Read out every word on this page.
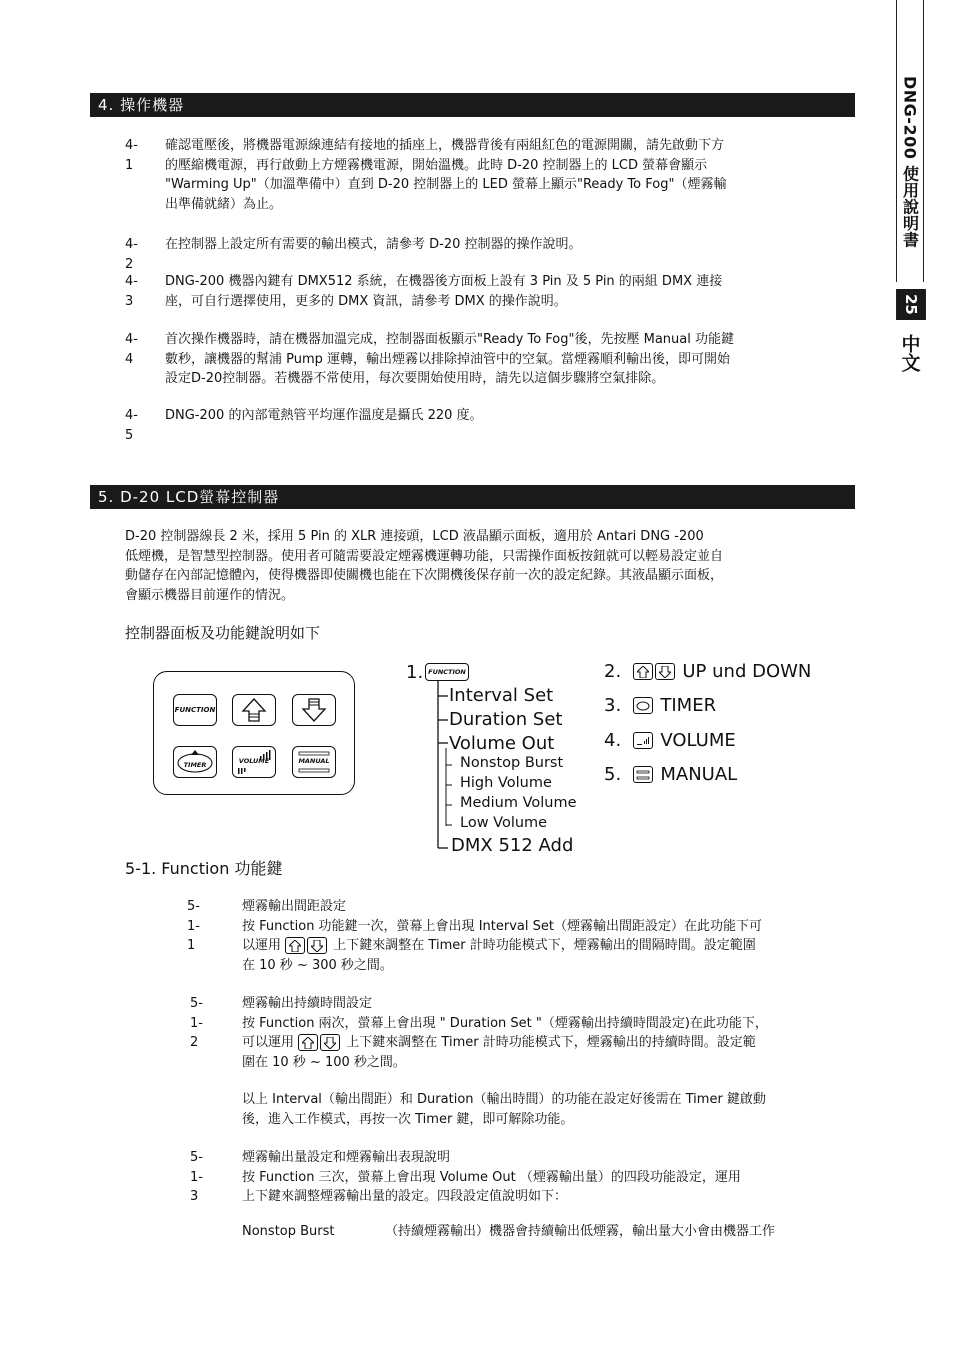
DNG-200 使用說明書
25
中文
4. 操作機器
4-1
確認電壓後，將機器電源線連結有接地的插座上，機器背後有兩組紅色的電源開關，請先啟動下方
的壓縮機電源，再行啟動上方煙霧機電源，開始溫機。此時 D-20 控制器上的 LCD 螢幕會顯示
"Warming Up"（加溫準備中）直到 D-20 控制器上的 LED 螢幕上顯示"Ready To Fog"（煙霧輸
出準備就緒）為止。
4-2
在控制器上設定所有需要的輸出模式，請參考 D-20 控制器的操作說明。
4-3
DNG-200 機器內鍵有 DMX512 系統，在機器後方面板上設有 3 Pin 及 5 Pin 的兩組 DMX 連接
座，可自行選擇使用，更多的 DMX 資訊，請參考 DMX 的操作說明。
4-4
首次操作機器時，請在機器加溫完成，控制器面板顯示"Ready To Fog"後，先按壓 Manual 功能鍵
數秒，讓機器的幫浦 Pump 運轉，輸出煙霧以排除掉油管中的空氣。當煙霧順利輸出後，即可開始
設定D-20控制器。若機器不常使用，每次要開始使用時，請先以這個步驟將空氣排除。
4-5
DNG-200 的內部電熱管平均運作溫度是攝氏 220 度。
5. D-20 LCD螢幕控制器
D-20 控制器線長 2 米，採用 5 Pin 的 XLR 連接頭，LCD 液晶顯示面板，適用於 Antari DNG -200
低煙機，是智慧型控制器。使用者可隨需要設定煙霧機運轉功能，只需操作面板按鈕就可以輕易設定並自
動儲存在內部記憶體內，使得機器即使關機也能在下次開機後保存前一次的設定紀錄。其液晶顯示面板，
會顯示機器目前運作的情況。
控制器面板及功能鍵說明如下
FUNCTION
TIMER	VOLUME	MANUAL
1. FUNCTION
Interval Set
Duration Set
Volume Out
Nonstop Burst
High Volume
Medium Volume
Low Volume
DMX 512 Add
2.

	UP und DOWN
3.

TIMER
4.

VOLUME
5.

MANUAL
5-1. Function 功能鍵
5-1-1
煙霧輸出間距設定
按 Function 功能鍵一次，螢幕上會出現 Interval Set（煙霧輸出間距設定）在此功能下可
以運用	上下鍵來調整在 Timer 計時功能模式下，煙霧輸出的間隔時間。設定範圍
在 10 秒 ~ 300 秒之間。
5-1-2
煙霧輸出持續時間設定
按 Function 兩次，螢幕上會出現 " Duration Set "（煙霧輸出持續時間設定)在此功能下，
可以運用	上下鍵來調整在 Timer 計時功能模式下，煙霧輸出的持續時間。設定範
圍在 10 秒 ~ 100 秒之間。
以上 Interval（輸出間距）和 Duration（輸出時間）的功能在設定好後需在 Timer 鍵啟動
後，進入工作模式，再按一次 Timer 鍵，即可解除功能。
5-1-3
煙霧輸出量設定和煙霧輸出表現說明
按 Function 三次，螢幕上會出現 Volume Out （煙霧輸出量）的四段功能設定，運用
上下鍵來調整煙霧輸出量的設定。四段設定值說明如下：
Nonstop Burst	（持續煙霧輸出）機器會持續輸出低煙霧，輸出量大小會由機器工作
